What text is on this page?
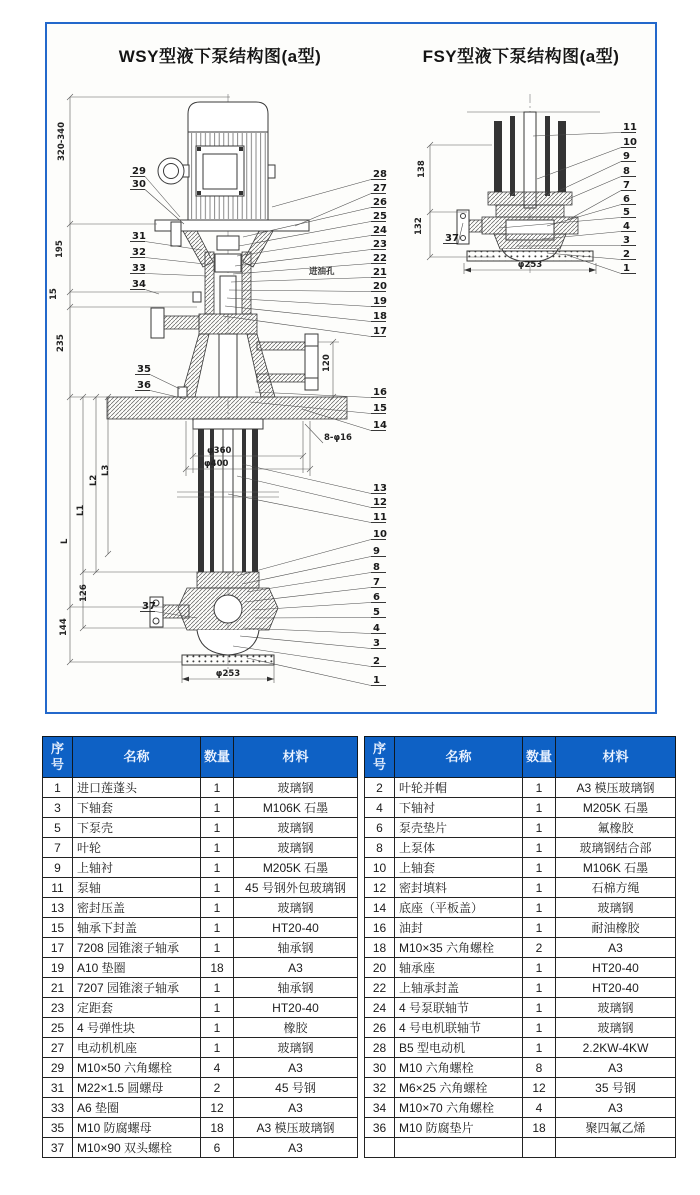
WSY型液下泵结构图(a型)	FSY型液下泵结构图(a型)
28
27
26
25
24
23
22
21
20
19
18
17
16
15
14
13
12
11
10
9
8
7
6
5
4
3
2
1
29
30
31
32
33
34
35
36
37
11
10
9
8
7
6
5
4
3
2
1
37
320-340
195
15
235
L
L1
L2
L3
126
144
φ360
φ400
8-φ16
φ253
进油孔
120
138
132
φ253
序号	名称	数量	材料
1	进口莲蓬头	1	玻璃钢
3	下轴套	1	M106K 石墨
5	下泵壳	1	玻璃钢
7	叶轮	1	玻璃钢
9	上轴衬	1	M205K 石墨
11	泵轴	1	45 号钢外包玻璃钢
13	密封压盖	1	玻璃钢
15	轴承下封盖	1	HT20-40
17	7208 园锥滚子轴承	1	轴承钢
19	A10 垫圈	18	A3
21	7207 园锥滚子轴承	1	轴承钢
23	定距套	1	HT20-40
25	4 号弹性块	1	橡胶
27	电动机机座	1	玻璃钢
29	M10×50 六角螺栓	4	A3
31	M22×1.5 圆螺母	2	45 号钢
33	A6 垫圈	12	A3
35	M10 防腐螺母	18	A3 模压玻璃钢
37	M10×90 双头螺栓	6	A3
序号	名称	数量	材料
2	叶轮并帽	1	A3 模压玻璃钢
4	下轴衬	1	M205K 石墨
6	泵壳垫片	1	氟橡胶
8	上泵体	1	玻璃钢结合部
10	上轴套	1	M106K 石墨
12	密封填料	1	石棉方绳
14	底座（平板盖）	1	玻璃钢
16	油封	1	耐油橡胶
18	M10×35 六角螺栓	2	A3
20	轴承座	1	HT20-40
22	上轴承封盖	1	HT20-40
24	4 号泵联轴节	1	玻璃钢
26	4 号电机联轴节	1	玻璃钢
28	B5 型电动机	1	2.2KW-4KW
30	M10 六角螺栓	8	A3
32	M6×25 六角螺栓	12	35 号钢
34	M10×70 六角螺栓	4	A3
36	M10 防腐垫片	18	聚四氟乙烯
